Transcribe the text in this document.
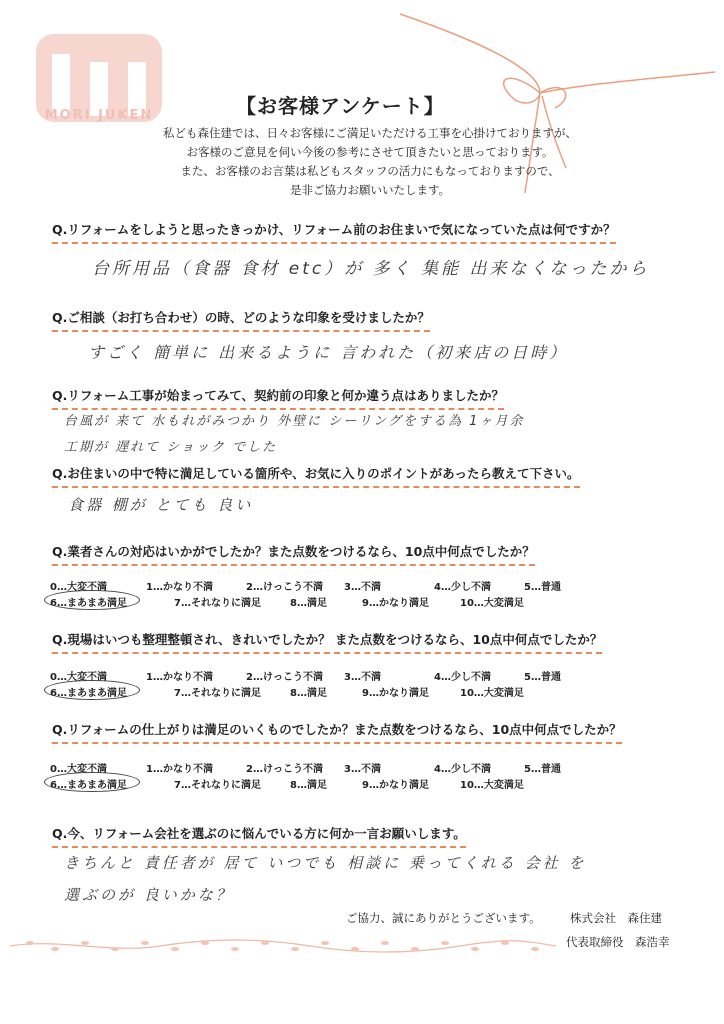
MORI JUKEN	【お客様アンケート】
私ども森住建では、日々お客様にご満足いただける工事を心掛けておりますが、
お客様のご意見を伺い今後の参考にさせて頂きたいと思っております。
また、お客様のお言葉は私どもスタッフの活力にもなっておりますので、
是非ご協力お願いいたします。
Q.リフォームをしようと思ったきっかけ、リフォーム前のお住まいで気になっていた点は何ですか？
台所用品（食器 食材 etc）が 多く 集能 出来なくなったから
Q.ご相談（お打ち合わせ）の時、どのような印象を受けましたか？
すごく 簡単に 出来るように 言われた（初来店の日時）
Q.リフォーム工事が始まってみて、契約前の印象と何か違う点はありましたか？
台風が 来て 水もれがみつかり 外壁に シーリングをする為 1ヶ月余
工期が 遅れて ショック でした
Q.お住まいの中で特に満足している箇所や、お気に入りのポイントがあったら教えて下さい。
食器 棚が とても 良い
Q.業者さんの対応はいかがでしたか？また点数をつけるなら、10点中何点でしたか？
0…大変不満	1…かなり不満	2…けっこう不満 3…不満	4…少し不満	5…普通
6…まあまあ満足	7…それなりに満足	8…満足	9…かなり満足	10…大変満足
Q.現場はいつも整理整頓され、きれいでしたか？ また点数をつけるなら、10点中何点でしたか？
0…大変不満	1…かなり不満	2…けっこう不満 3…不満	4…少し不満	5…普通
6…まあまあ満足	7…それなりに満足	8…満足	9…かなり満足	10…大変満足
Q.リフォームの仕上がりは満足のいくものでしたか？また点数をつけるなら、10点中何点でしたか？
0…大変不満	1…かなり不満	2…けっこう不満 3…不満	4…少し不満	5…普通
6…まあまあ満足	7…それなりに満足	8…満足	9…かなり満足	10…大変満足
Q.今、リフォーム会社を選ぶのに悩んでいる方に何か一言お願いします。
きちんと 責任者が 居て いつでも 相談に 乗ってくれる 会社 を
選ぶのが 良いかな？
ご協力、誠にありがとうございます。	株式会社　森住建
代表取締役　森浩幸
